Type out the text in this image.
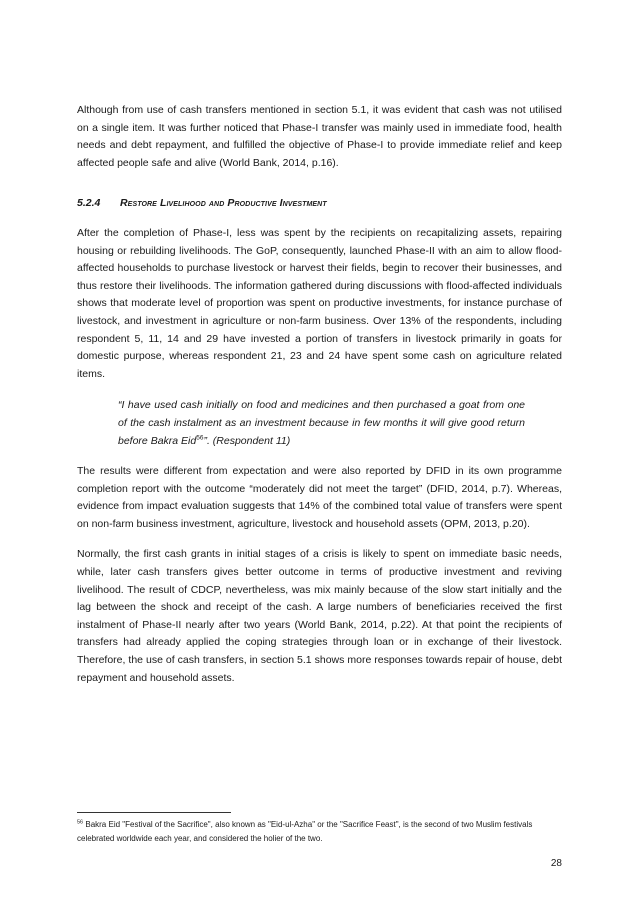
Although from use of cash transfers mentioned in section 5.1, it was evident that cash was not utilised on a single item. It was further noticed that Phase-I transfer was mainly used in immediate food, health needs and debt repayment, and fulfilled the objective of Phase-I to provide immediate relief and keep affected people safe and alive (World Bank, 2014, p.16).

5.2.4	Restore Livelihood and Productive Investment

After the completion of Phase-I, less was spent by the recipients on recapitalizing assets, repairing housing or rebuilding livelihoods. The GoP, consequently, launched Phase-II with an aim to allow flood-affected households to purchase livestock or harvest their fields, begin to recover their businesses, and thus restore their livelihoods. The information gathered during discussions with flood-affected individuals shows that moderate level of proportion was spent on productive investments, for instance purchase of livestock, and investment in agriculture or non-farm business. Over 13% of the respondents, including respondent 5, 11, 14 and 29 have invested a portion of transfers in livestock primarily in goats for domestic purpose, whereas respondent 21, 23 and 24 have spent some cash on agriculture related items.

“I have used cash initially on food and medicines and then purchased a goat from one of the cash instalment as an investment because in few months it will give good return before Bakra Eid$^{56}$”. (Respondent 11)

The results were different from expectation and were also reported by DFID in its own programme completion report with the outcome “moderately did not meet the target” (DFID, 2014, p.7). Whereas, evidence from impact evaluation suggests that 14% of the combined total value of transfers were spent on non-farm business investment, agriculture, livestock and household assets (OPM, 2013, p.20).

Normally, the first cash grants in initial stages of a crisis is likely to spent on immediate basic needs, while, later cash transfers gives better outcome in terms of productive investment and reviving livelihood. The result of CDCP, nevertheless, was mix mainly because of the slow start initially and the lag between the shock and receipt of the cash. A large numbers of beneficiaries received the first instalment of Phase-II nearly after two years (World Bank, 2014, p.22). At that point the recipients of transfers had already applied the coping strategies through loan or in exchange of their livestock. Therefore, the use of cash transfers, in section 5.1 shows more responses towards repair of house, debt repayment and household assets.

$^{56}$ Bakra Eid "Festival of the Sacrifice", also known as "Eid-ul-Azha" or the "Sacrifice Feast", is the second of two Muslim festivals celebrated worldwide each year, and considered the holier of the two.
28
